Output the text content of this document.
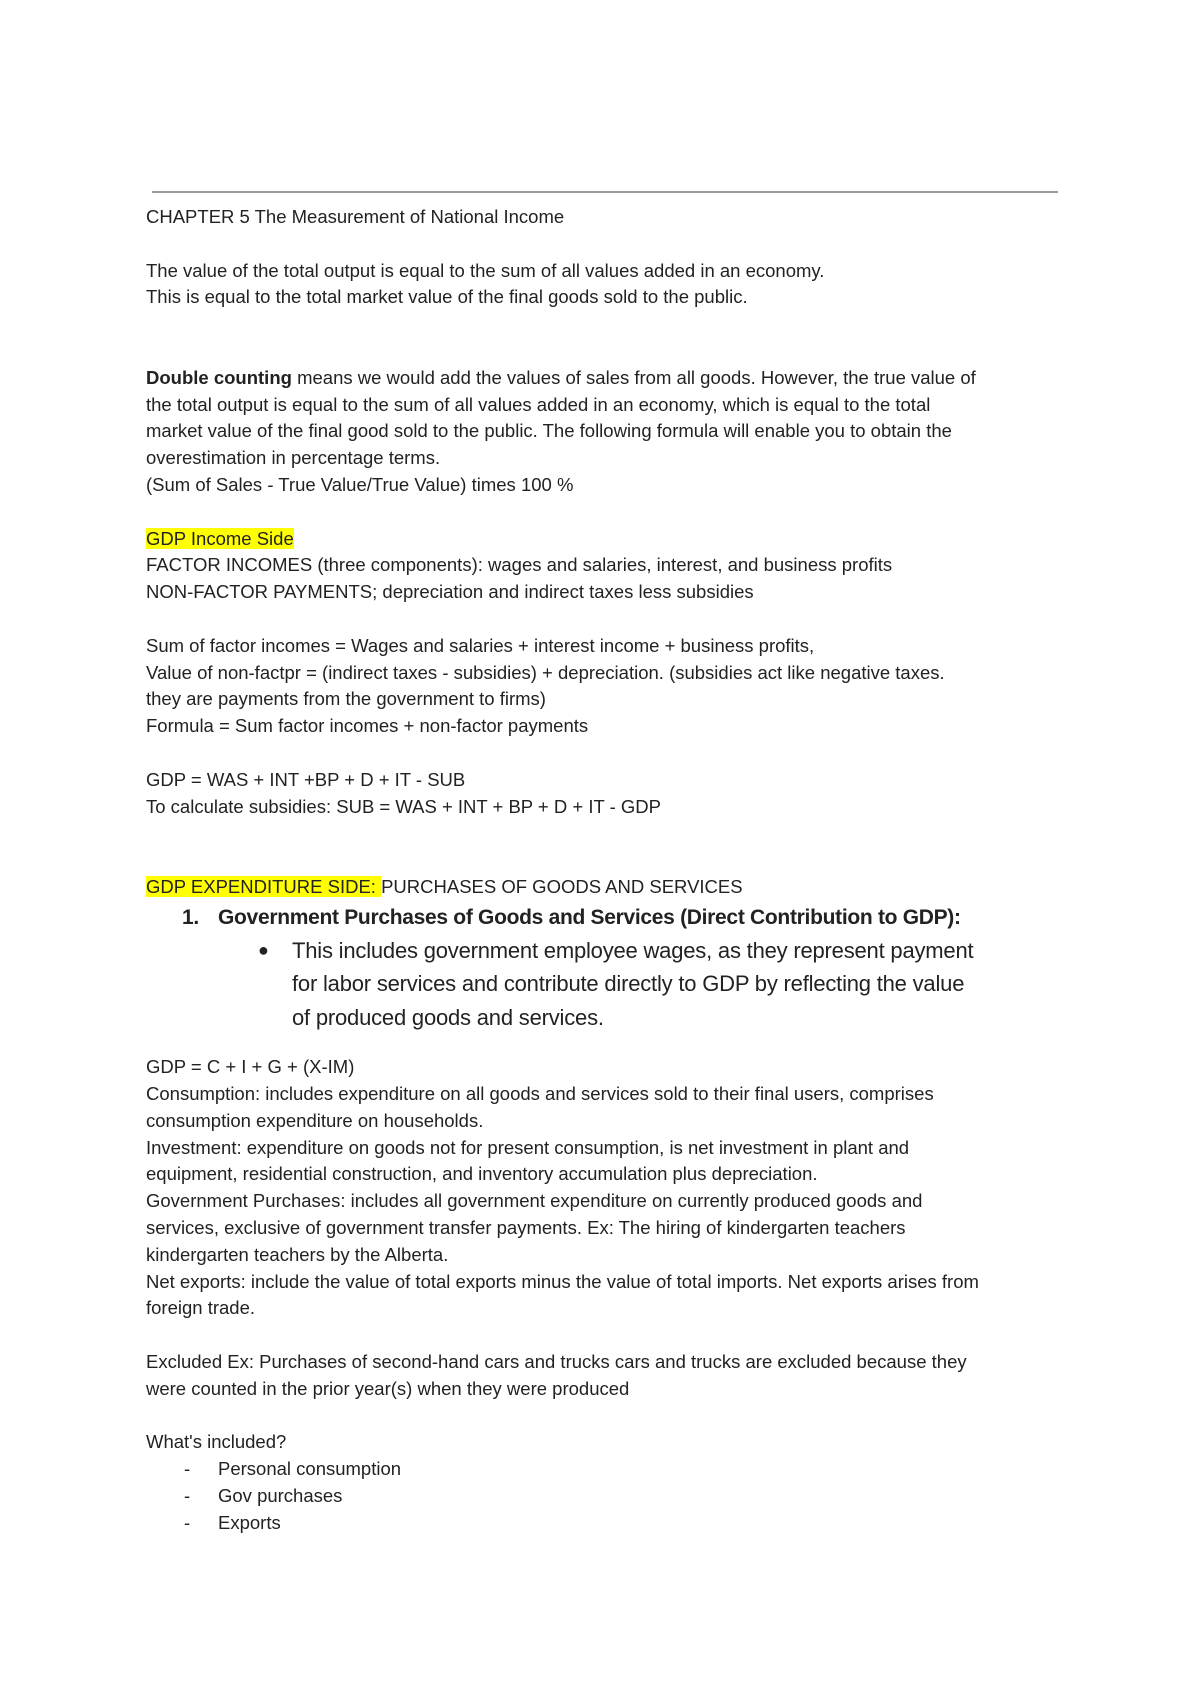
CHAPTER 5 The Measurement of National Income
The value of the total output is equal to the sum of all values added in an economy.
This is equal to the total market value of the final goods sold to the public.
Double counting means we would add the values of sales from all goods. However, the true value of
the total output is equal to the sum of all values added in an economy, which is equal to the total
market value of the final good sold to the public. The following formula will enable you to obtain the
overestimation in percentage terms.
(Sum of Sales - True Value/True Value) times 100 %
GDP Income Side
FACTOR INCOMES (three components): wages and salaries, interest, and business profits
NON-FACTOR PAYMENTS; depreciation and indirect taxes less subsidies
Sum of factor incomes = Wages and salaries + interest income + business profits,
Value of non-factpr = (indirect taxes - subsidies) + depreciation. (subsidies act like negative taxes.
they are payments from the government to firms)
Formula = Sum factor incomes + non-factor payments
GDP = WAS + INT +BP + D + IT - SUB
To calculate subsidies: SUB = WAS + INT + BP + D + IT - GDP
GDP EXPENDITURE SIDE: PURCHASES OF GOODS AND SERVICES
1. Government Purchases of Goods and Services (Direct Contribution to GDP):
● This includes government employee wages, as they represent payment
for labor services and contribute directly to GDP by reflecting the value
of produced goods and services.
GDP = C + I + G + (X-IM)
Consumption: includes expenditure on all goods and services sold to their final users, comprises
consumption expenditure on households.
Investment: expenditure on goods not for present consumption, is net investment in plant and
equipment, residential construction, and inventory accumulation plus depreciation.
Government Purchases: includes all government expenditure on currently produced goods and
services, exclusive of government transfer payments. Ex: The hiring of kindergarten teachers
kindergarten teachers by the Alberta.
Net exports: include the value of total exports minus the value of total imports. Net exports arises from
foreign trade.
Excluded Ex: Purchases of second-hand cars and trucks cars and trucks are excluded because they
were counted in the prior year(s) when they were produced
What's included?
- Personal consumption
- Gov purchases
- Exports
